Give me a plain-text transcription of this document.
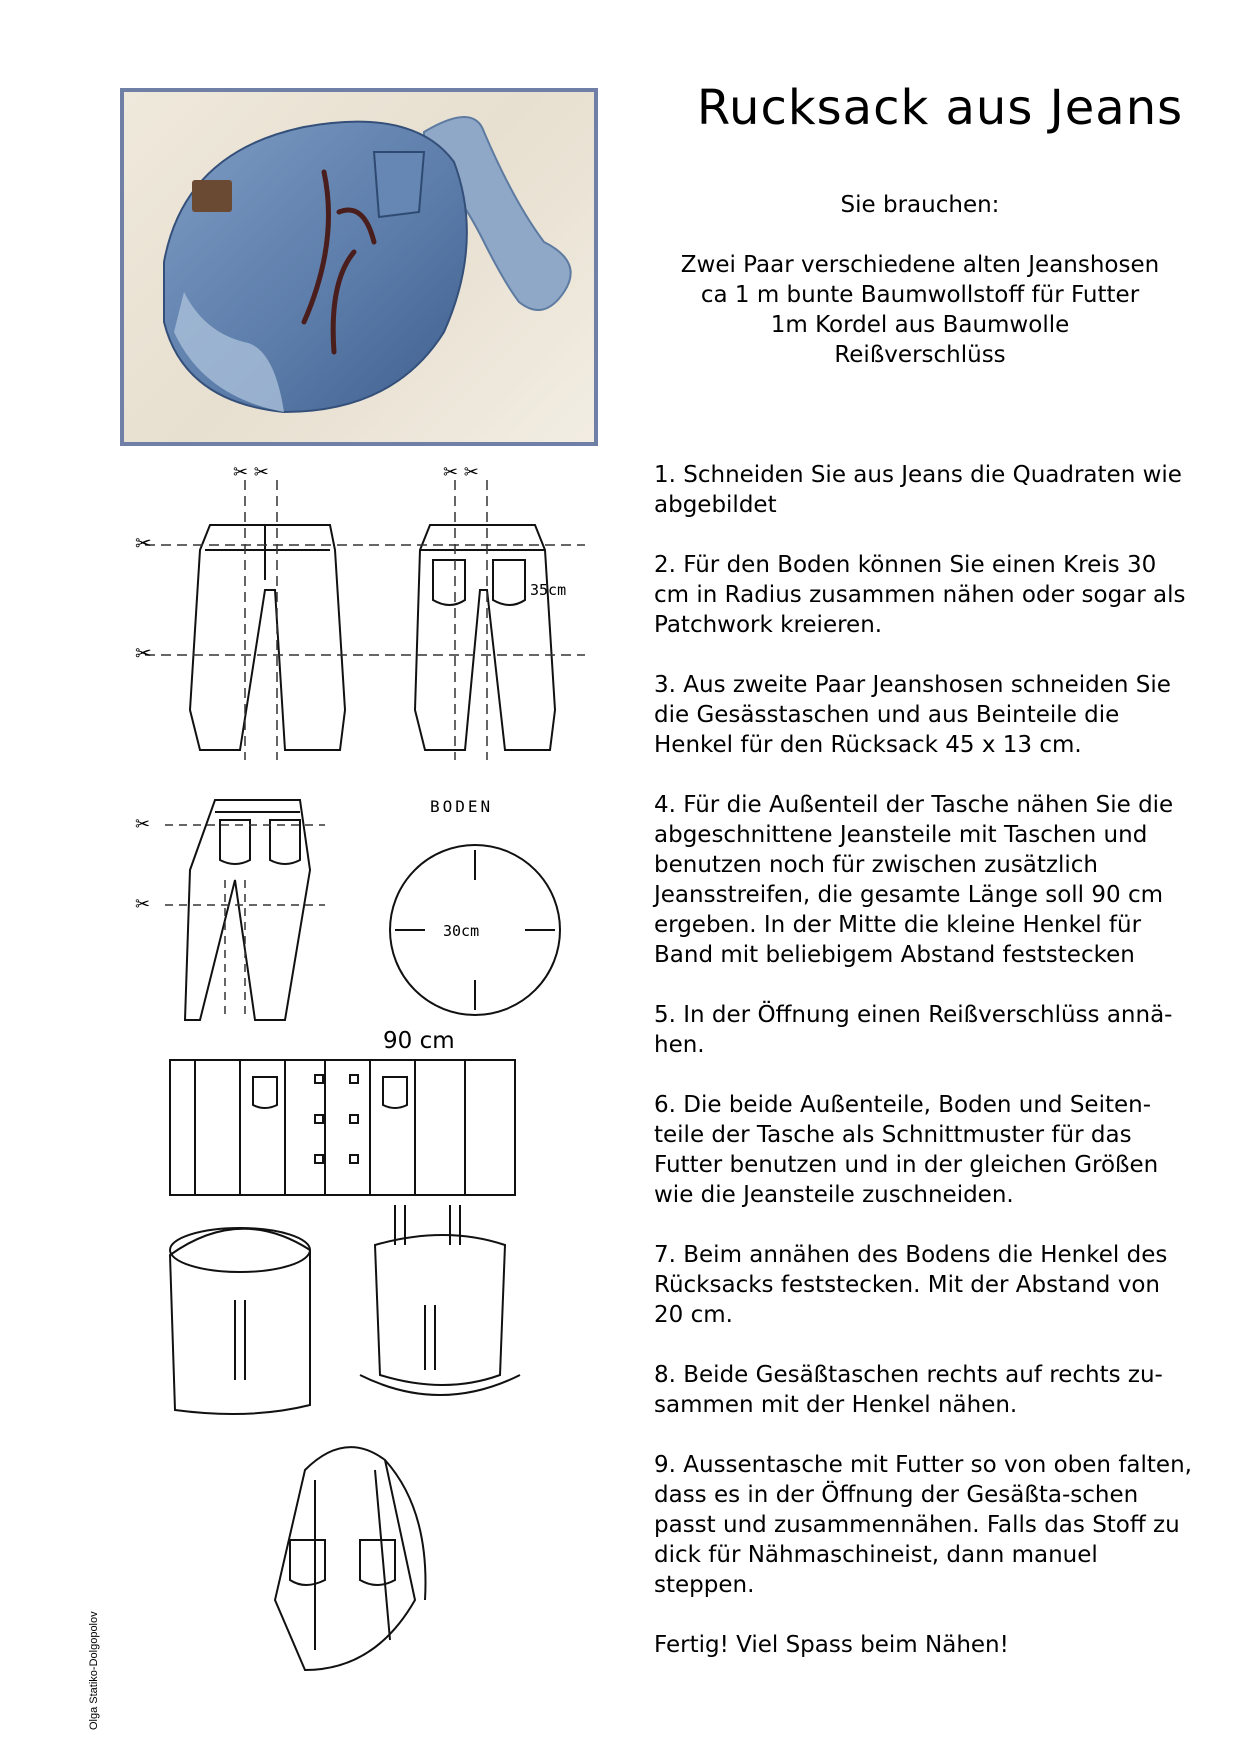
Rucksack aus Jeans

Sie brauchen:

Zwei Paar verschiedene alten Jeanshosen

ca 1 m bunte Baumwollstoff für Futter

1m Kordel aus Baumwolle

Reißverschlüss

1. Schneiden Sie aus Jeans die Quadraten wie abgebildet

2. Für den Boden können Sie einen Kreis 30 cm in Radius zusammen nähen oder sogar als Patchwork kreieren.

3. Aus zweite Paar Jeanshosen schneiden Sie die Gesässtaschen und aus Beinteile die Henkel für den Rücksack 45 x 13 cm.

4. Für die Außenteil der Tasche nähen Sie die abgeschnittene Jeansteile mit Taschen und benutzen noch für zwischen zusätzlich Jeansstreifen, die gesamte Länge soll 90 cm ergeben. In der Mitte die kleine Henkel für Band mit beliebigem Abstand feststecken

5. In der Öffnung einen Reißverschlüss annä-hen.

6. Die beide Außenteile, Boden und Seiten-teile der Tasche als Schnittmuster für das Futter benutzen und in der gleichen Größen wie die Jeansteile zuschneiden.

7. Beim annähen des Bodens die Henkel des Rücksacks feststecken. Mit der Abstand von 20 cm.

8. Beide Gesäßtaschen rechts auf rechts zu-sammen mit der Henkel nähen.

9. Aussentasche mit Futter so von oben falten, dass es in der Öffnung der Gesäßta-schen passt und zusammennähen. Falls das Stoff zu dick für Nähmaschineist, dann manuel steppen.

Fertig! Viel Spass beim Nähen!

✂
✂
✂ ✂	✂ ✂
35cm
✂
✂
BODEN
30cm
90 cm
Olga Statiko-Dolgopolov
